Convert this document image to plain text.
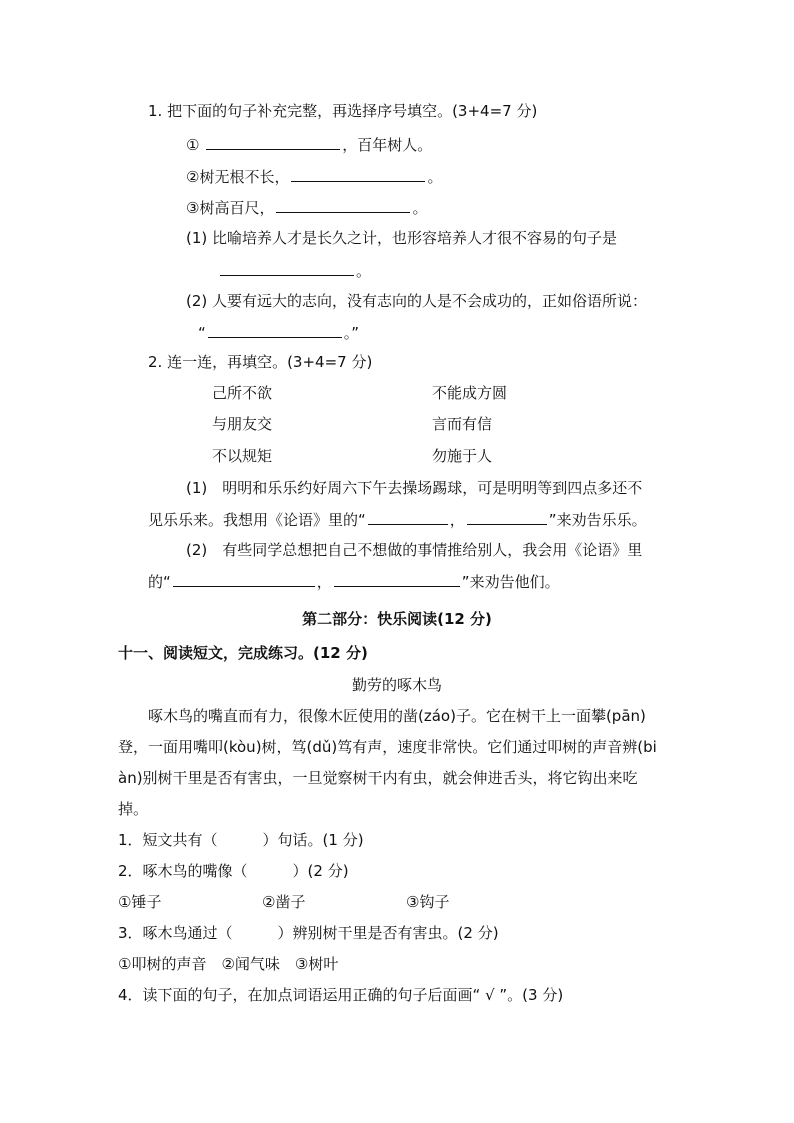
1. 把下面的句子补充完整，再选择序号填空。(3+4=7 分)
①	，百年树人。
②树无根不长，	。
③树高百尺，	。
(1) 比喻培养人才是长久之计，也形容培养人才很不容易的句子是
。
(2) 人要有远大的志向，没有志向的人是不会成功的，正如俗语所说：
“	。”
2. 连一连，再填空。(3+4=7 分)
己所不欲	不能成方圆
与朋友交	言而有信
不以规矩	勿施于人
(1)　明明和乐乐约好周六下午去操场踢球，可是明明等到四点多还不
见乐乐来。我想用《论语》里的“	，	”来劝告乐乐。
(2)　有些同学总想把自己不想做的事情推给别人，我会用《论语》里
的“	，	”来劝告他们。
第二部分：快乐阅读(12 分)
十一、阅读短文，完成练习。(12 分)
勤劳的啄木鸟
啄木鸟的嘴直而有力，很像木匠使用的凿(záo)子。它在树干上一面攀(pān)
登，一面用嘴叩(kòu)树，笃(dǔ)笃有声，速度非常快。它们通过叩树的声音辨(bi
àn)别树干里是否有害虫，一旦觉察树干内有虫，就会伸进舌头，将它钩出来吃
掉。
1．短文共有（　　　）句话。(1 分)
2．啄木鸟的嘴像（　　　）(2 分)
①锤子	②凿子	③钩子
3．啄木鸟通过（　　　）辨别树干里是否有害虫。(2 分)
①叩树的声音　②闻气味　③树叶
4．读下面的句子，在加点词语运用正确的句子后面画“ √ ”。(3 分)
